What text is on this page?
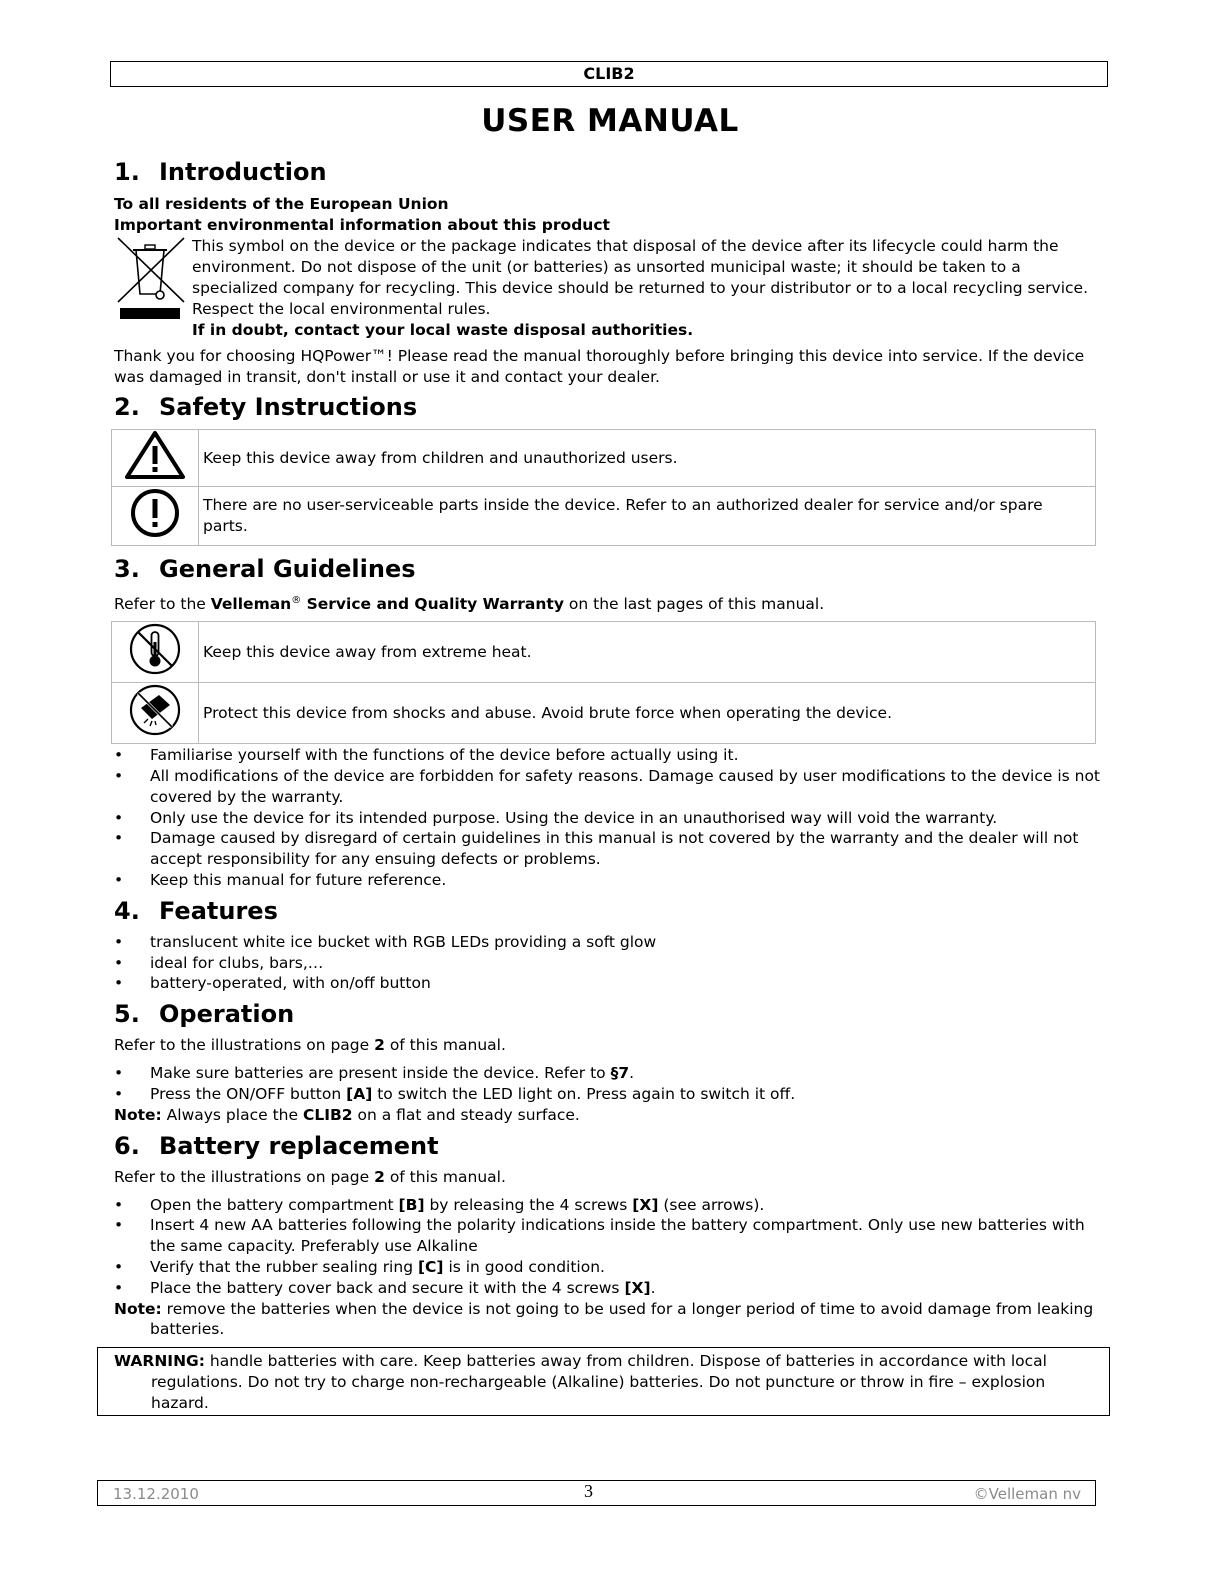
CLIB2
USER MANUAL
1. Introduction

To all residents of the European Union

Important environmental information about this product

This symbol on the device or the package indicates that disposal of the device after its lifecycle could harm the environment. Do not dispose of the unit (or batteries) as unsorted municipal waste; it should be taken to a specialized company for recycling. This device should be returned to your distributor or to a local recycling service. Respect the local environmental rules.

If in doubt, contact your local waste disposal authorities.

Thank you for choosing HQPower™! Please read the manual thoroughly before bringing this device into service. If the device was damaged in transit, don't install or use it and contact your dealer.

2. Safety Instructions
	Keep this device away from children and unauthorized users.
	There are no user-serviceable parts inside the device. Refer to an authorized dealer for service and/or spare parts.
3. General Guidelines

Refer to the Velleman® Service and Quality Warranty on the last pages of this manual.

	Keep this device away from extreme heat.
	Protect this device from shocks and abuse. Avoid brute force when operating the device.
• Familiarise yourself with the functions of the device before actually using it.
• All modifications of the device are forbidden for safety reasons. Damage caused by user modifications to the device is not covered by the warranty.
• Only use the device for its intended purpose. Using the device in an unauthorised way will void the warranty.
• Damage caused by disregard of certain guidelines in this manual is not covered by the warranty and the dealer will not accept responsibility for any ensuing defects or problems.
• Keep this manual for future reference.
4. Features
• translucent white ice bucket with RGB LEDs providing a soft glow
• ideal for clubs, bars,…
• battery-operated, with on/off button
5. Operation

Refer to the illustrations on page 2 of this manual.

• Make sure batteries are present inside the device. Refer to §7.
• Press the ON/OFF button [A] to switch the LED light on. Press again to switch it off.
Note: Always place the CLIB2 on a flat and steady surface.
6. Battery replacement

Refer to the illustrations on page 2 of this manual.

• Open the battery compartment [B] by releasing the 4 screws [X] (see arrows).
• Insert 4 new AA batteries following the polarity indications inside the battery compartment. Only use new batteries with the same capacity. Preferably use Alkaline
• Verify that the rubber sealing ring [C] is in good condition.
• Place the battery cover back and secure it with the 4 screws [X].
Note: remove the batteries when the device is not going to be used for a longer period of time to avoid damage from leaking batteries.
WARNING: handle batteries with care. Keep batteries away from children. Dispose of batteries in accordance with local regulations. Do not try to charge non-rechargeable (Alkaline) batteries. Do not puncture or throw in fire – explosion hazard.
13.12.2010	3	©Velleman nv
